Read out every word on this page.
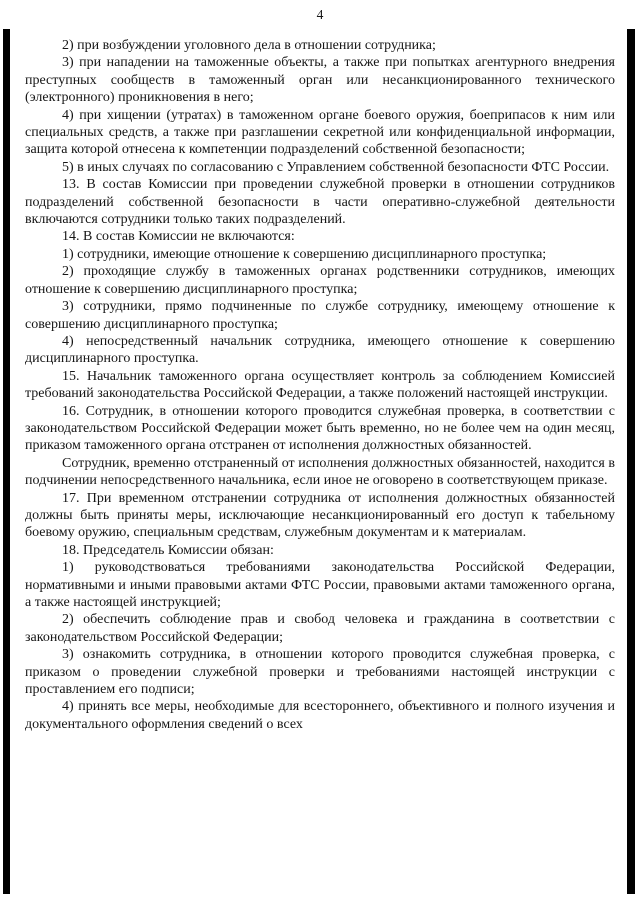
4

2) при возбуждении уголовного дела в отношении сотрудника;

3) при нападении на таможенные объекты, а также при попытках агентурного внедрения преступных сообществ в таможенный орган или несанкционированного технического (электронного) проникновения в него;

4) при хищении (утратах) в таможенном органе боевого оружия, боеприпасов к ним или специальных средств, а также при разглашении секретной или конфиденциальной информации, защита которой отнесена к компетенции подразделений собственной безопасности;

5) в иных случаях по согласованию с Управлением собственной безопасности ФТС России.

13. В состав Комиссии при проведении служебной проверки в отношении сотрудников подразделений собственной безопасности в части оперативно-служебной деятельности включаются сотрудники только таких подразделений.

14. В состав Комиссии не включаются:

1) сотрудники, имеющие отношение к совершению дисциплинарного проступка;

2) проходящие службу в таможенных органах родственники сотрудников, имеющих отношение к совершению дисциплинарного проступка;

3) сотрудники, прямо подчиненные по службе сотруднику, имеющему отношение к совершению дисциплинарного проступка;

4) непосредственный начальник сотрудника, имеющего отношение к совершению дисциплинарного проступка.

15. Начальник таможенного органа осуществляет контроль за соблюдением Комиссией требований законодательства Российской Федерации, а также положений настоящей инструкции.

16. Сотрудник, в отношении которого проводится служебная проверка, в соответствии с законодательством Российской Федерации может быть временно, но не более чем на один месяц, приказом таможенного органа отстранен от исполнения должностных обязанностей.

Сотрудник, временно отстраненный от исполнения должностных обязанностей, находится в подчинении непосредственного начальника, если иное не оговорено в соответствующем приказе.

17. При временном отстранении сотрудника от исполнения должностных обязанностей должны быть приняты меры, исключающие несанкционированный его доступ к табельному боевому оружию, специальным средствам, служебным документам и к материалам.

18. Председатель Комиссии обязан:

1) руководствоваться требованиями законодательства Российской Федерации, нормативными и иными правовыми актами ФТС России, правовыми актами таможенного органа, а также настоящей инструкцией;

2) обеспечить соблюдение прав и свобод человека и гражданина в соответствии с законодательством Российской Федерации;

3) ознакомить сотрудника, в отношении которого проводится служебная проверка, с приказом о проведении служебной проверки и требованиями настоящей инструкции с проставлением его подписи;

4) принять все меры, необходимые для всестороннего, объективного и полного изучения и документального оформления сведений о всех
